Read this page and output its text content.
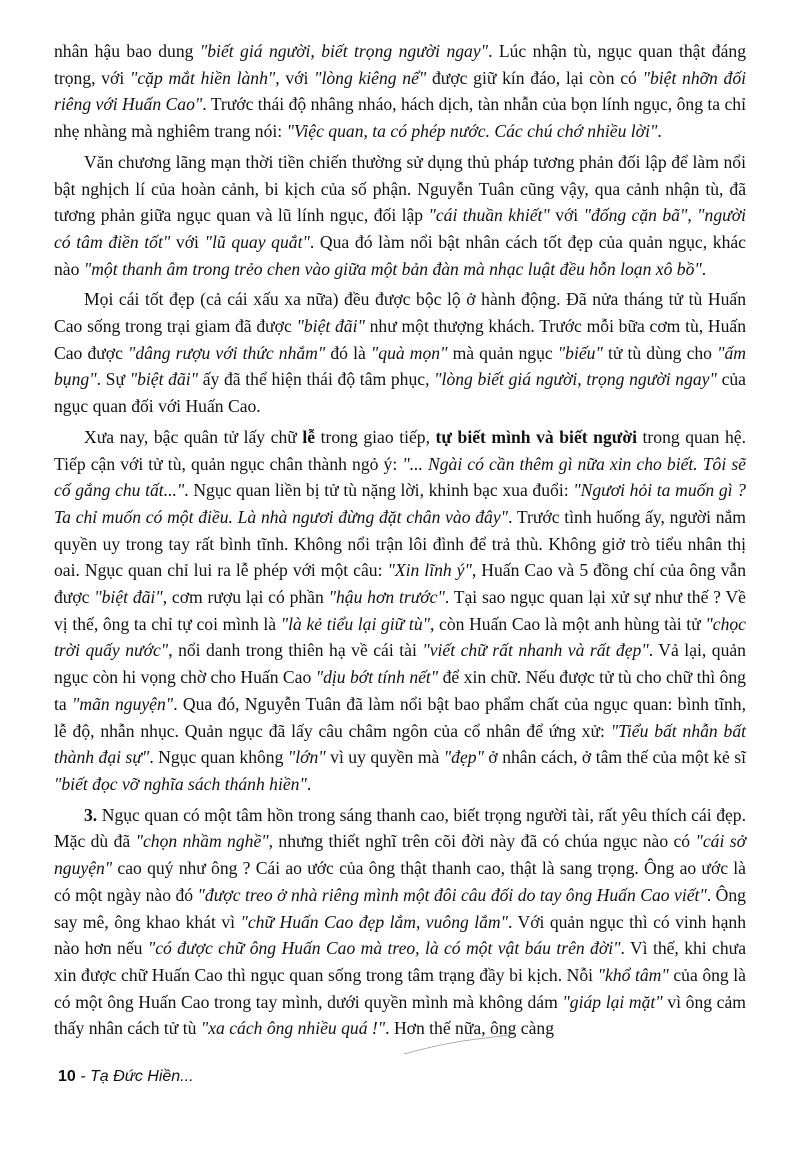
nhân hậu bao dung "biết giá người, biết trọng người ngay". Lúc nhận tù, ngục quan thật đáng trọng, với "cặp mắt hiền lành", với "lòng kiêng nể" được giữ kín đáo, lại còn có "biệt nhỡn đối riêng với Huấn Cao". Trước thái độ nhâng nháo, hách dịch, tàn nhẫn của bọn lính ngục, ông ta chỉ nhẹ nhàng mà nghiêm trang nói: "Việc quan, ta có phép nước. Các chú chớ nhiều lời".

Văn chương lãng mạn thời tiền chiến thường sử dụng thủ pháp tương phản đối lập để làm nổi bật nghịch lí của hoàn cảnh, bi kịch của số phận. Nguyễn Tuân cũng vậy, qua cảnh nhận tù, đã tương phản giữa ngục quan và lũ lính ngục, đối lập "cái thuần khiết" với "đống cặn bã", "người có tâm điền tốt" với "lũ quay quắt". Qua đó làm nổi bật nhân cách tốt đẹp của quản ngục, khác nào "một thanh âm trong trẻo chen vào giữa một bản đàn mà nhạc luật đều hỗn loạn xô bồ".

Mọi cái tốt đẹp (cả cái xấu xa nữa) đều được bộc lộ ở hành động. Đã nửa tháng tử tù Huấn Cao sống trong trại giam đã được "biệt đãi" như một thượng khách. Trước mỗi bữa cơm tù, Huấn Cao được "dâng rượu với thức nhắm" đó là "quà mọn" mà quản ngục "biếu" tử tù dùng cho "ấm bụng". Sự "biệt đãi" ấy đã thể hiện thái độ tâm phục, "lòng biết giá người, trọng người ngay" của ngục quan đối với Huấn Cao.

Xưa nay, bậc quân tử lấy chữ lễ trong giao tiếp, tự biết mình và biết người trong quan hệ. Tiếp cận với tử tù, quản ngục chân thành ngỏ ý: "... Ngài có cần thêm gì nữa xin cho biết. Tôi sẽ cố gắng chu tất...". Ngục quan liền bị tử tù nặng lời, khinh bạc xua đuổi: "Ngươi hỏi ta muốn gì ? Ta chỉ muốn có một điều. Là nhà ngươi đừng đặt chân vào đây". Trước tình huống ấy, người nắm quyền uy trong tay rất bình tĩnh. Không nổi trận lôi đình để trả thù. Không giở trò tiểu nhân thị oai. Ngục quan chỉ lui ra lễ phép với một câu: "Xin lĩnh ý", Huấn Cao và 5 đồng chí của ông vẫn được "biệt đãi", cơm rượu lại có phần "hậu hơn trước". Tại sao ngục quan lại xử sự như thế ? Về vị thế, ông ta chỉ tự coi mình là "là kẻ tiểu lại giữ tù", còn Huấn Cao là một anh hùng tài tử "chọc trời quấy nước", nổi danh trong thiên hạ về cái tài "viết chữ rất nhanh và rất đẹp". Vả lại, quản ngục còn hi vọng chờ cho Huấn Cao "dịu bớt tính nết" để xin chữ. Nếu được tử tù cho chữ thì ông ta "mãn nguyện". Qua đó, Nguyễn Tuân đã làm nổi bật bao phẩm chất của ngục quan: bình tĩnh, lễ độ, nhẫn nhục. Quản ngục đã lấy câu châm ngôn của cổ nhân để ứng xử: "Tiểu bất nhẫn bất thành đại sự". Ngục quan không "lớn" vì uy quyền mà "đẹp" ở nhân cách, ở tâm thế của một kẻ sĩ "biết đọc vỡ nghĩa sách thánh hiền".

3. Ngục quan có một tâm hồn trong sáng thanh cao, biết trọng người tài, rất yêu thích cái đẹp. Mặc dù đã "chọn nhầm nghề", nhưng thiết nghĩ trên cõi đời này đã có chúa ngục nào có "cái sở nguyện" cao quý như ông ? Cái ao ước của ông thật thanh cao, thật là sang trọng. Ông ao ước là có một ngày nào đó "được treo ở nhà riêng mình một đôi câu đối do tay ông Huấn Cao viết". Ông say mê, ông khao khát vì "chữ Huấn Cao đẹp lắm, vuông lắm". Với quản ngục thì có vinh hạnh nào hơn nếu "có được chữ ông Huấn Cao mà treo, là có một vật báu trên đời". Vì thế, khi chưa xin được chữ Huấn Cao thì ngục quan sống trong tâm trạng đầy bi kịch. Nỗi "khổ tâm" của ông là có một ông Huấn Cao trong tay mình, dưới quyền mình mà không dám "giáp lại mặt" vì ông cảm thấy nhân cách tử tù "xa cách ông nhiều quá !". Hơn thế nữa, ông càng

10 - Tạ Đức Hiền...
